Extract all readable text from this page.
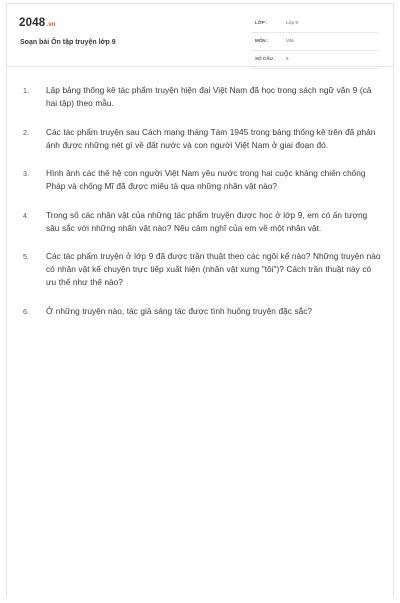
2048.vn
Soạn bài Ôn tập truyện lớp 9
LỚP :	Lớp 9
MÔN :	Văn
SỐ CÂU : 6
1. Lập bảng thống kê tác phẩm truyện hiện đại Việt Nam đã học trong sách ngữ văn 9 (cả hai tập) theo mẫu.
2. Các tác phẩm truyện sau Cách mạng tháng Tám 1945 trong bảng thống kê trên đã phản ánh được những nét gì về đất nước và con người Việt Nam ở giai đoạn đó.
3. Hình ảnh các thế hệ con người Việt Nam yêu nước trong hai cuộc kháng chiến chống Pháp và chống Mĩ đã được miêu tả qua những nhân vật nào?
4. Trong số các nhân vật của những tác phẩm truyện được học ở lớp 9, em có ấn tượng sâu sắc với những nhân vật nào? Nêu cảm nghĩ của em về một nhân vật.
5. Các tác phẩm truyện ở lớp 9 đã được trần thuật theo các ngôi kể nào? Những truyện nào có nhân vật kể chuyện trực tiếp xuất hiện (nhân vật xưng "tôi")? Cách trần thuật này có ưu thế như thế nào?
6. Ở những truyện nào, tác giả sáng tác được tình huống truyện đặc sắc?
